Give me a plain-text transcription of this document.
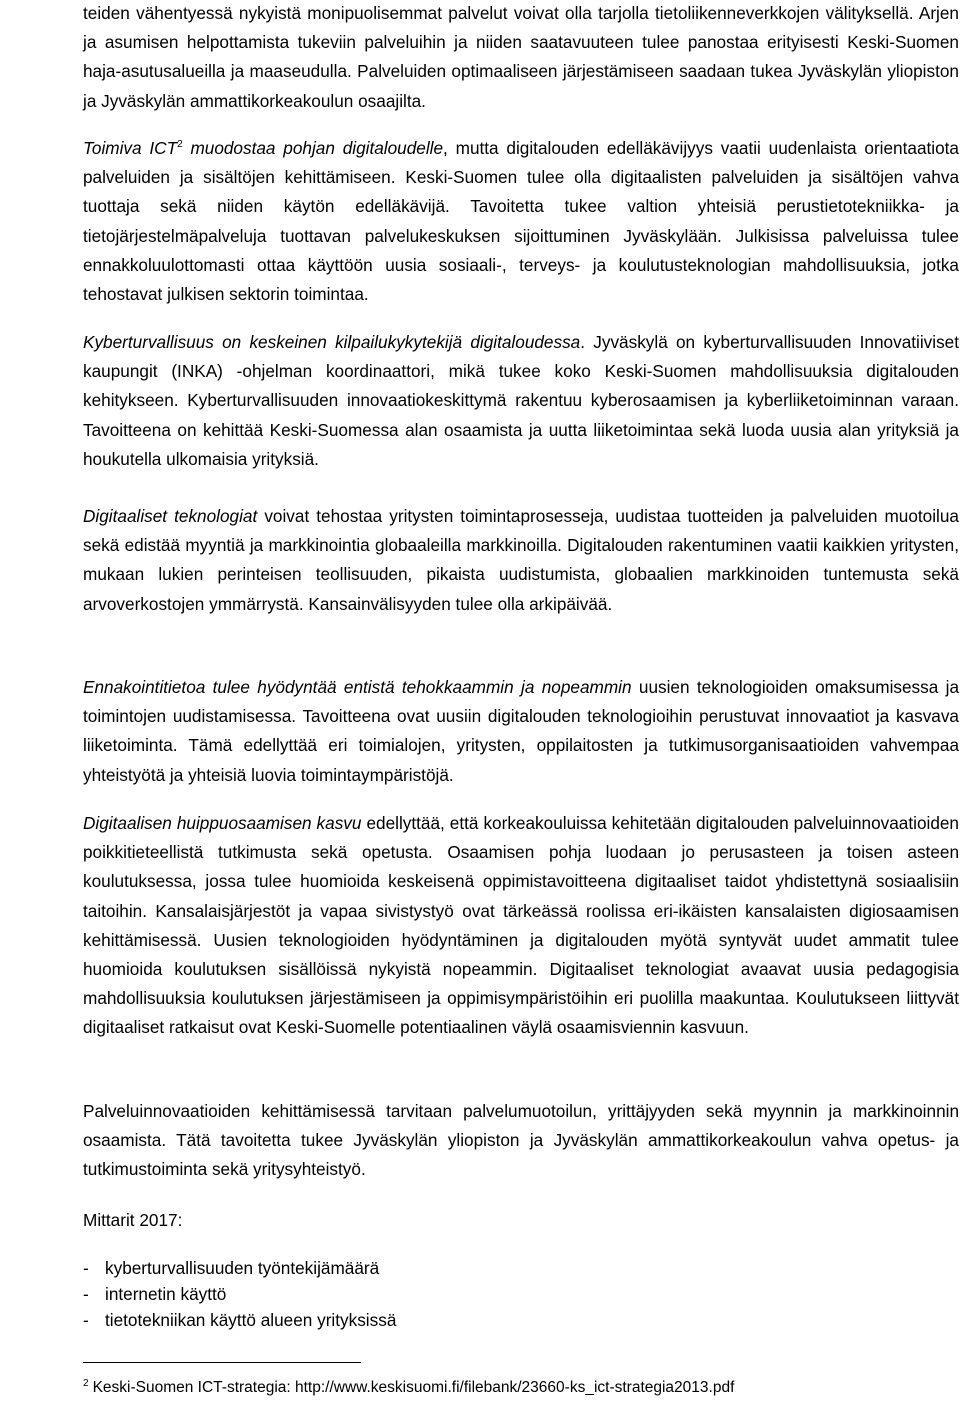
teiden vähentyessä nykyistä monipuolisemmat palvelut voivat olla tarjolla tietoliikenneverkkojen välityksellä. Arjen ja asumisen helpottamista tukeviin palveluihin ja niiden saatavuuteen tulee panostaa erityisesti Keski-Suomen haja-asutusalueilla ja maaseudulla. Palveluiden optimaaliseen järjestämiseen saadaan tukea Jyväskylän yliopiston ja Jyväskylän ammattikorkeakoulun osaajilta.

Toimiva ICT$^2$ muodostaa pohjan digitaloudelle, mutta digitalouden edelläkävijyys vaatii uudenlaista orientaatiota palveluiden ja sisältöjen kehittämiseen. Keski-Suomen tulee olla digitaalisten palveluiden ja sisältöjen vahva tuottaja sekä niiden käytön edelläkävijä. Tavoitetta tukee valtion yhteisiä perustietotekniikka- ja tietojärjestelmäpalveluja tuottavan palvelukeskuksen sijoittuminen Jyväskylään. Julkisissa palveluissa tulee ennakkoluulottomasti ottaa käyttöön uusia sosiaali-, terveys- ja koulutusteknologian mahdollisuuksia, jotka tehostavat julkisen sektorin toimintaa.

Kyberturvallisuus on keskeinen kilpailukykytekijä digitaloudessa. Jyväskylä on kyberturvallisuuden Innovatiiviset kaupungit (INKA) -ohjelman koordinaattori, mikä tukee koko Keski-Suomen mahdollisuuksia digitalouden kehitykseen. Kyberturvallisuuden innovaatiokeskittymä rakentuu kyberosaamisen ja kyberliiketoiminnan varaan. Tavoitteena on kehittää Keski-Suomessa alan osaamista ja uutta liiketoimintaa sekä luoda uusia alan yrityksiä ja houkutella ulkomaisia yrityksiä.

Digitaaliset teknologiat voivat tehostaa yritysten toimintaprosesseja, uudistaa tuotteiden ja palveluiden muotoilua sekä edistää myyntiä ja markkinointia globaaleilla markkinoilla. Digitalouden rakentuminen vaatii kaikkien yritysten, mukaan lukien perinteisen teollisuuden, pikaista uudistumista, globaalien markkinoiden tuntemusta sekä arvoverkostojen ymmärrystä. Kansainvälisyyden tulee olla arkipäivää.

Ennakointitietoa tulee hyödyntää entistä tehokkaammin ja nopeammin uusien teknologioiden omaksumisessa ja toimintojen uudistamisessa. Tavoitteena ovat uusiin digitalouden teknologioihin perustuvat innovaatiot ja kasvava liiketoiminta. Tämä edellyttää eri toimialojen, yritysten, oppilaitosten ja tutkimusorganisaatioiden vahvempaa yhteistyötä ja yhteisiä luovia toimintaympäristöjä.

Digitaalisen huippuosaamisen kasvu edellyttää, että korkeakouluissa kehitetään digitalouden palveluinnovaatioiden poikkitieteellistä tutkimusta sekä opetusta. Osaamisen pohja luodaan jo perusasteen ja toisen asteen koulutuksessa, jossa tulee huomioida keskeisenä oppimistavoitteena digitaaliset taidot yhdistettynä sosiaalisiin taitoihin. Kansalaisjärjestöt ja vapaa sivistystyö ovat tärkeässä roolissa eri-ikäisten kansalaisten digiosaamisen kehittämisessä. Uusien teknologioiden hyödyntäminen ja digitalouden myötä syntyvät uudet ammatit tulee huomioida koulutuksen sisällöissä nykyistä nopeammin. Digitaaliset teknologiat avaavat uusia pedagogisia mahdollisuuksia koulutuksen järjestämiseen ja oppimisympäristöihin eri puolilla maakuntaa. Koulutukseen liittyvät digitaaliset ratkaisut ovat Keski-Suomelle potentiaalinen väylä osaamisviennin kasvuun.

Palveluinnovaatioiden kehittämisessä tarvitaan palvelumuotoilun, yrittäjyyden sekä myynnin ja markkinoinnin osaamista. Tätä tavoitetta tukee Jyväskylän yliopiston ja Jyväskylän ammattikorkeakoulun vahva opetus- ja tutkimustoiminta sekä yritysyhteistyö.

Mittarit 2017:

- kyberturvallisuuden työntekijämäärä
- internetin käyttö
- tietotekniikan käyttö alueen yrityksissä
$^2$ Keski-Suomen ICT-strategia: http://www.keskisuomi.fi/filebank/23660-ks_ict-strategia2013.pdf
